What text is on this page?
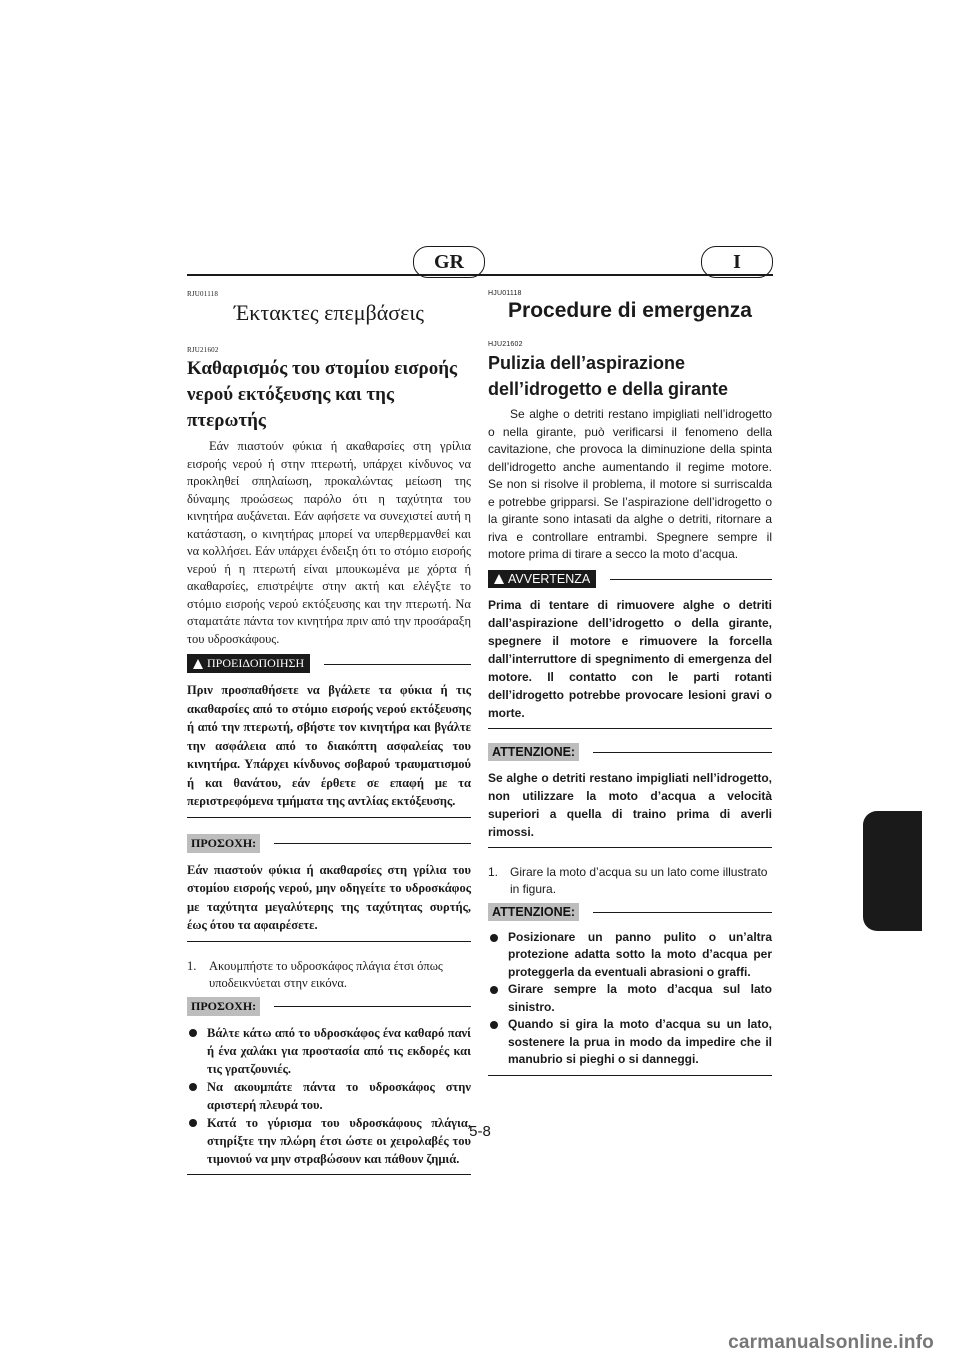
GR	I
RJU01118
Έκτακτες επεμβάσεις
RJU21602
Καθαρισμός του στομίου εισροής νερού εκτόξευσης και της πτερωτής

Εάν πιαστούν φύκια ή ακαθαρσίες στη γρίλια εισροής νερού ή στην πτερωτή, υπάρχει κίνδυνος να προκληθεί σπηλαίωση, προκαλώντας μείωση της δύναμης προώσεως παρόλο ότι η ταχύτητα του κινητήρα αυξάνεται. Εάν αφήσετε να συνεχιστεί αυτή η κατάσταση, ο κινητήρας μπορεί να υπερθερμανθεί και να κολλήσει. Εάν υπάρχει ένδειξη ότι το στόμιο εισροής νερού ή η πτερωτή είναι μπουκωμένα με χόρτα ή ακαθαρσίες, επιστρέψτε στην ακτή και ελέγξτε το στόμιο εισροής νερού εκτόξευσης και την πτερωτή. Να σταματάτε πάντα τον κινητήρα πριν από την προσάραξη του υδροσκάφους.

ΠΡΟΕΙΔΟΠΟΙΗΣΗ

Πριν προσπαθήσετε να βγάλετε τα φύκια ή τις ακαθαρσίες από το στόμιο εισροής νερού εκτόξευσης ή από την πτερωτή, σβήστε τον κινητήρα και βγάλτε την ασφάλεια από το διακόπτη ασφαλείας του κινητήρα. Υπάρχει κίνδυνος σοβαρού τραυματισμού ή και θανάτου, εάν έρθετε σε επαφή με τα περιστρεφόμενα τμήματα της αντλίας εκτόξευσης.

ΠΡΟΣΟΧΗ:

Εάν πιαστούν φύκια ή ακαθαρσίες στη γρίλια του στομίου εισροής νερού, μην οδηγείτε το υδροσκάφος με ταχύτητα μεγαλύτερης της ταχύτητας συρτής, έως ότου τα αφαιρέσετε.

1.	Ακουμπήστε το υδροσκάφος πλάγια έτσι όπως υποδεικνύεται στην εικόνα.
ΠΡΟΣΟΧΗ:
Βάλτε κάτω από το υδροσκάφος ένα καθαρό πανί ή ένα χαλάκι για προστασία από τις εκδορές και τις γρατζουνιές.
Να ακουμπάτε πάντα το υδροσκάφος στην αριστερή πλευρά του.
Κατά το γύρισμα του υδροσκάφους πλάγια, στηρίξτε την πλώρη έτσι ώστε οι χειρολαβές του τιμονιού να μην στραβώσουν και πάθουν ζημιά.
HJU01118
Procedure di emergenza
HJU21602
Pulizia dell’aspirazione dell’idrogetto e della girante

Se alghe o detriti restano impigliati nell’idrogetto o nella girante, può verificarsi il fenomeno della cavitazione, che provoca la diminuzione della spinta dell’idrogetto anche aumentando il regime motore. Se non si risolve il problema, il motore si surriscalda e potrebbe gripparsi. Se l’aspirazione dell’idrogetto o la girante sono intasati da alghe o detriti, ritornare a riva e controllare entrambi. Spegnere sempre il motore prima di tirare a secco la moto d’acqua.

AVVERTENZA

Prima di tentare di rimuovere alghe o detriti dall’aspirazione dell’idrogetto o della girante, spegnere il motore e rimuovere la forcella dall’interruttore di spegnimento di emergenza del motore. Il contatto con le parti rotanti dell’idrogetto potrebbe provocare lesioni gravi o morte.

ATTENZIONE:

Se alghe o detriti restano impigliati nell’idrogetto, non utilizzare la moto d’acqua a velocità superiori a quella di traino prima di averli rimossi.

1. Girare la moto d’acqua su un lato come illustrato in figura.
ATTENZIONE:
Posizionare un panno pulito o un’altra protezione adatta sotto la moto d’acqua per proteggerla da eventuali abrasioni o graffi.
Girare sempre la moto d’acqua sul lato sinistro.
Quando si gira la moto d’acqua su un lato, sostenere la prua in modo da impedire che il manubrio si pieghi o si danneggi.
5-8
carmanualsonline.info
